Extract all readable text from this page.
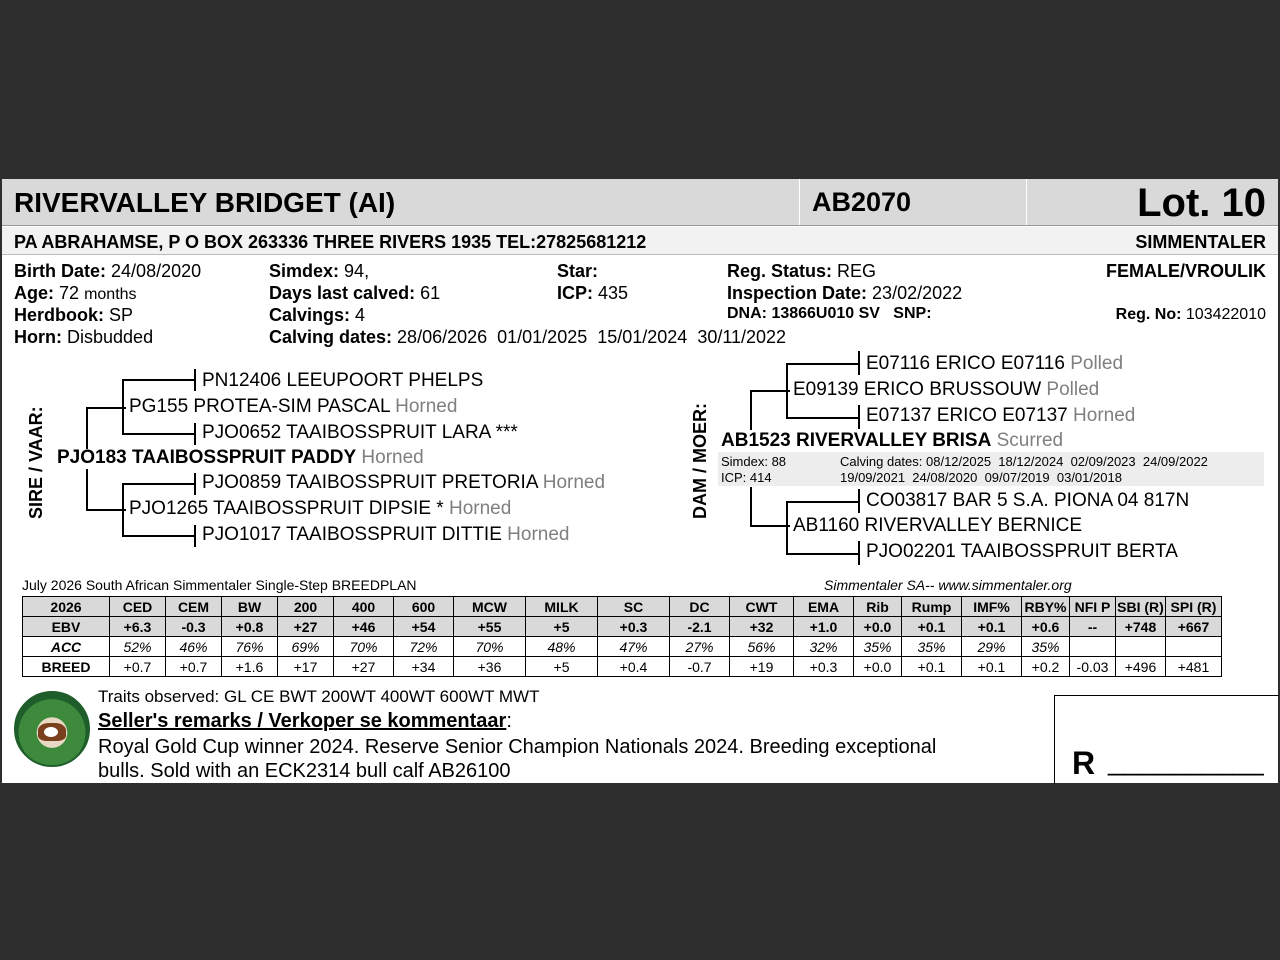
RIVERVALLEY BRIDGET (AI)	AB2070	Lot. 10
PA ABRAHAMSE, P O BOX 263336 THREE RIVERS 1935 TEL:27825681212	SIMMENTALER
Birth Date: 24/08/2020
Age: 72 months
Herdbook: SP
Horn: Disbudded
Simdex: 94,
Days last calved: 61
Calvings: 4
Calving dates: 28/06/2026  01/01/2025  15/01/2024  30/11/2022
Star:
ICP: 435
Reg. Status: REG
Inspection Date: 23/02/2022
DNA: 13866U010 SV   SNP:
FEMALE/VROULIK
Reg. No: 103422010
SIRE / VAAR:
PN12406 LEEUPOORT PHELPS
PG155 PROTEA-SIM PASCAL Horned
PJO0652 TAAIBOSSPRUIT LARA ***
PJO183 TAAIBOSSPRUIT PADDY Horned
PJO0859 TAAIBOSSPRUIT PRETORIA Horned
PJO1265 TAAIBOSSPRUIT DIPSIE * Horned
PJO1017 TAAIBOSSPRUIT DITTIE Horned
DAM / MOER:
E07116 ERICO E07116 Polled
E09139 ERICO BRUSSOUW Polled
E07137 ERICO E07137 Horned
AB1523 RIVERVALLEY BRISA Scurred
Simdex: 88
ICP: 414
Calving dates: 08/12/2025  18/12/2024  02/09/2023  24/09/2022
19/09/2021  24/08/2020  09/07/2019  03/01/2018
CO03817 BAR 5 S.A. PIONA 04 817N
AB1160 RIVERVALLEY BERNICE
PJO02201 TAAIBOSSPRUIT BERTA
July 2026 South African Simmentaler Single-Step BREEDPLAN	Simmentaler SA-- www.simmentaler.org
2026	CED	CEM	BW	200	400	600	MCW	MILK	SC	DC	CWT	EMA	Rib	Rump	IMF%	RBY%	NFI P	SBI (R)	SPI (R)
EBV	+6.3	-0.3	+0.8	+27	+46	+54	+55	+5	+0.3	-2.1	+32	+1.0	+0.0	+0.1	+0.1	+0.6	--	+748	+667
ACC	52%	46%	76%	69%	70%	72%	70%	48%	47%	27%	56%	32%	35%	35%	29%	35%			
BREED	+0.7	+0.7	+1.6	+17	+27	+34	+36	+5	+0.4	-0.7	+19	+0.3	+0.0	+0.1	+0.1	+0.2	-0.03	+496	+481
Traits observed: GL CE BWT 200WT 400WT 600WT MWT
Seller's remarks / Verkoper se kommentaar:
Royal Gold Cup winner 2024. Reserve Senior Champion Nationals 2024. Breeding exceptional
bulls. Sold with an ECK2314 bull calf AB26100	R __________
